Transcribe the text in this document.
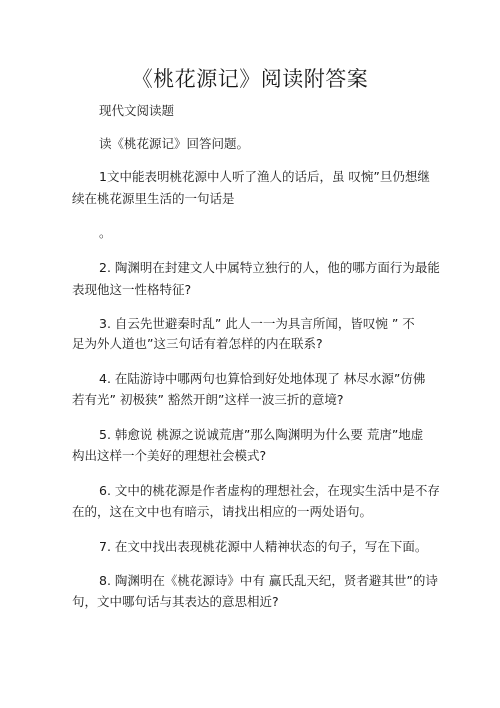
《桃花源记》阅读附答案

现代文阅读题

读《桃花源记》回答问题。

1文中能表明桃花源中人听了渔人的话后，虽 叹惋”旦仍想继

续在桃花源里生活的一句话是

。

2. 陶渊明在封建文人中属特立独行的人，他的哪方面行为最能

表现他这一性格特征?

3. 自云先世避秦时乱” 此人一一为具言所闻，皆叹惋 ” 不

足为外人道也”这三句话有着怎样的内在联系?

4. 在陆游诗中哪两句也算恰到好处地体现了 林尽水源”仿佛

若有光” 初极狭” 豁然开朗”这样一波三折的意境?

5. 韩愈说 桃源之说诚荒唐”那么陶渊明为什么要 荒唐”地虚

构出这样一个美好的理想社会模式?

6. 文中的桃花源是作者虚构的理想社会，在现实生活中是不存

在的，这在文中也有暗示，请找出相应的一两处语句。

7. 在文中找出表现桃花源中人精神状态的句子，写在下面。

8. 陶渊明在《桃花源诗》中有 赢氏乱天纪，贤者避其世”的诗

句，文中哪句话与其表达的意思相近?
